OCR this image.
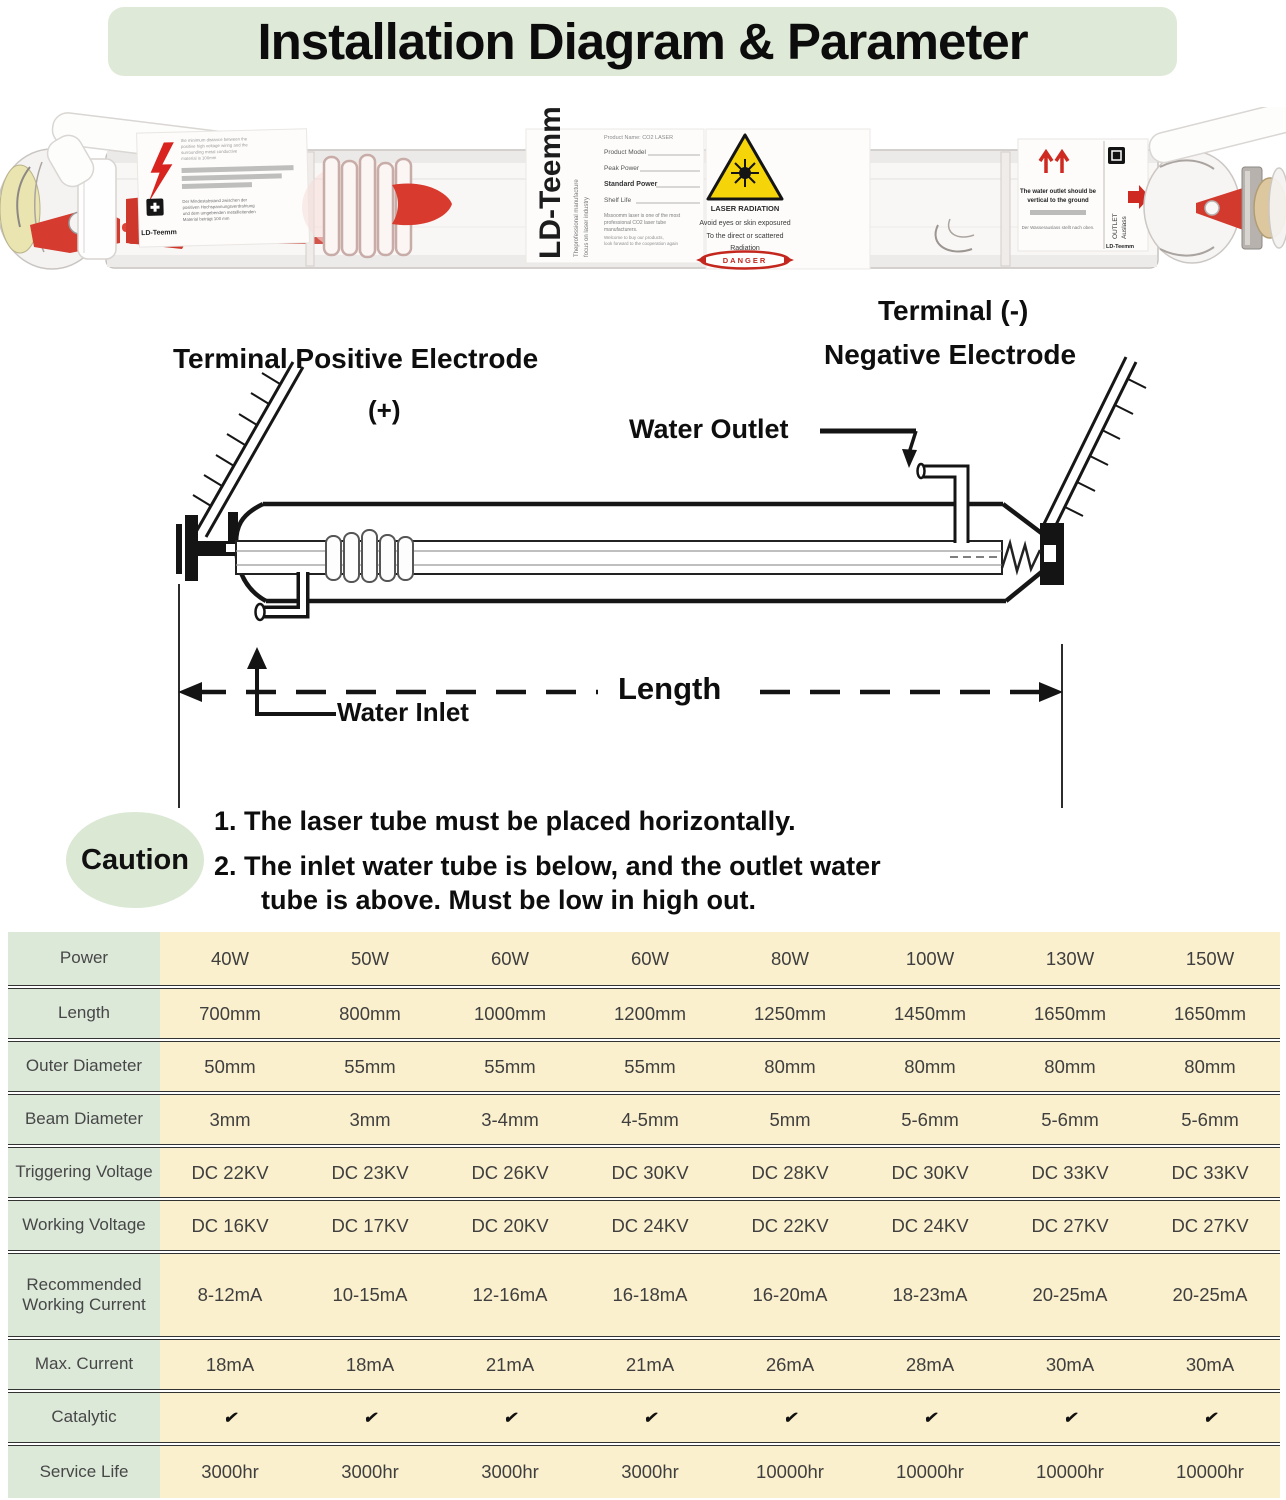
Installation Diagram & Parameter
the minimum distance between the
positive high voltage wiring and the
surrounding metal conductive
material is 100mm
Der Mindestabstand zwischen der
positiven Hochspannungsverdrahtung
und dem umgebenden metallleitenden
Material beträgt 100 mm
LD-Teemm	LD-Teemm Theprofessional manufacture focus on laser industry
Product Name: CO2 LASER
Product Model
Peak Power
Standard Power
Shelf Life
Mssoomm laser is one of the most
professional CO2 laser tube
manufacturers.
Welcome to buy our products,
look forward to the cooperation again
LASER RADIATION
Avoid eyes or skin exposured
To the direct or scattered
Radiation
DANGER
The water outlet should be
vertical to the ground
Der Wasserauslass stellt nach oben.	OUTLET Auslass
LD-Teemm
Terminal Positive Electrode
(+)
Terminal (-)
Negative Electrode
Water Outlet
Length
Water Inlet
Caution
1. The laser tube must be placed horizontally.
2. The inlet water tube is below, and the outlet water
tube is above. Must be low in high out.
Power	40W	50W	60W	60W	80W	100W	130W	150W
Length	700mm	800mm	1000mm	1200mm	1250mm	1450mm	1650mm	1650mm
Outer Diameter	50mm	55mm	55mm	55mm	80mm	80mm	80mm	80mm
Beam Diameter	3mm	3mm	3-4mm	4-5mm	5mm	5-6mm	5-6mm	5-6mm
Triggering Voltage	DC 22KV	DC 23KV	DC 26KV	DC 30KV	DC 28KV	DC 30KV	DC 33KV	DC 33KV
Working Voltage	DC 16KV	DC 17KV	DC 20KV	DC 24KV	DC 22KV	DC 24KV	DC 27KV	DC 27KV
Recommended Working Current	8-12mA	10-15mA	12-16mA	16-18mA	16-20mA	18-23mA	20-25mA	20-25mA
Max. Current	18mA	18mA	21mA	21mA	26mA	28mA	30mA	30mA
Catalytic	✔	✔	✔	✔	✔	✔	✔	✔
Service Life	3000hr	3000hr	3000hr	3000hr	10000hr	10000hr	10000hr	10000hr
